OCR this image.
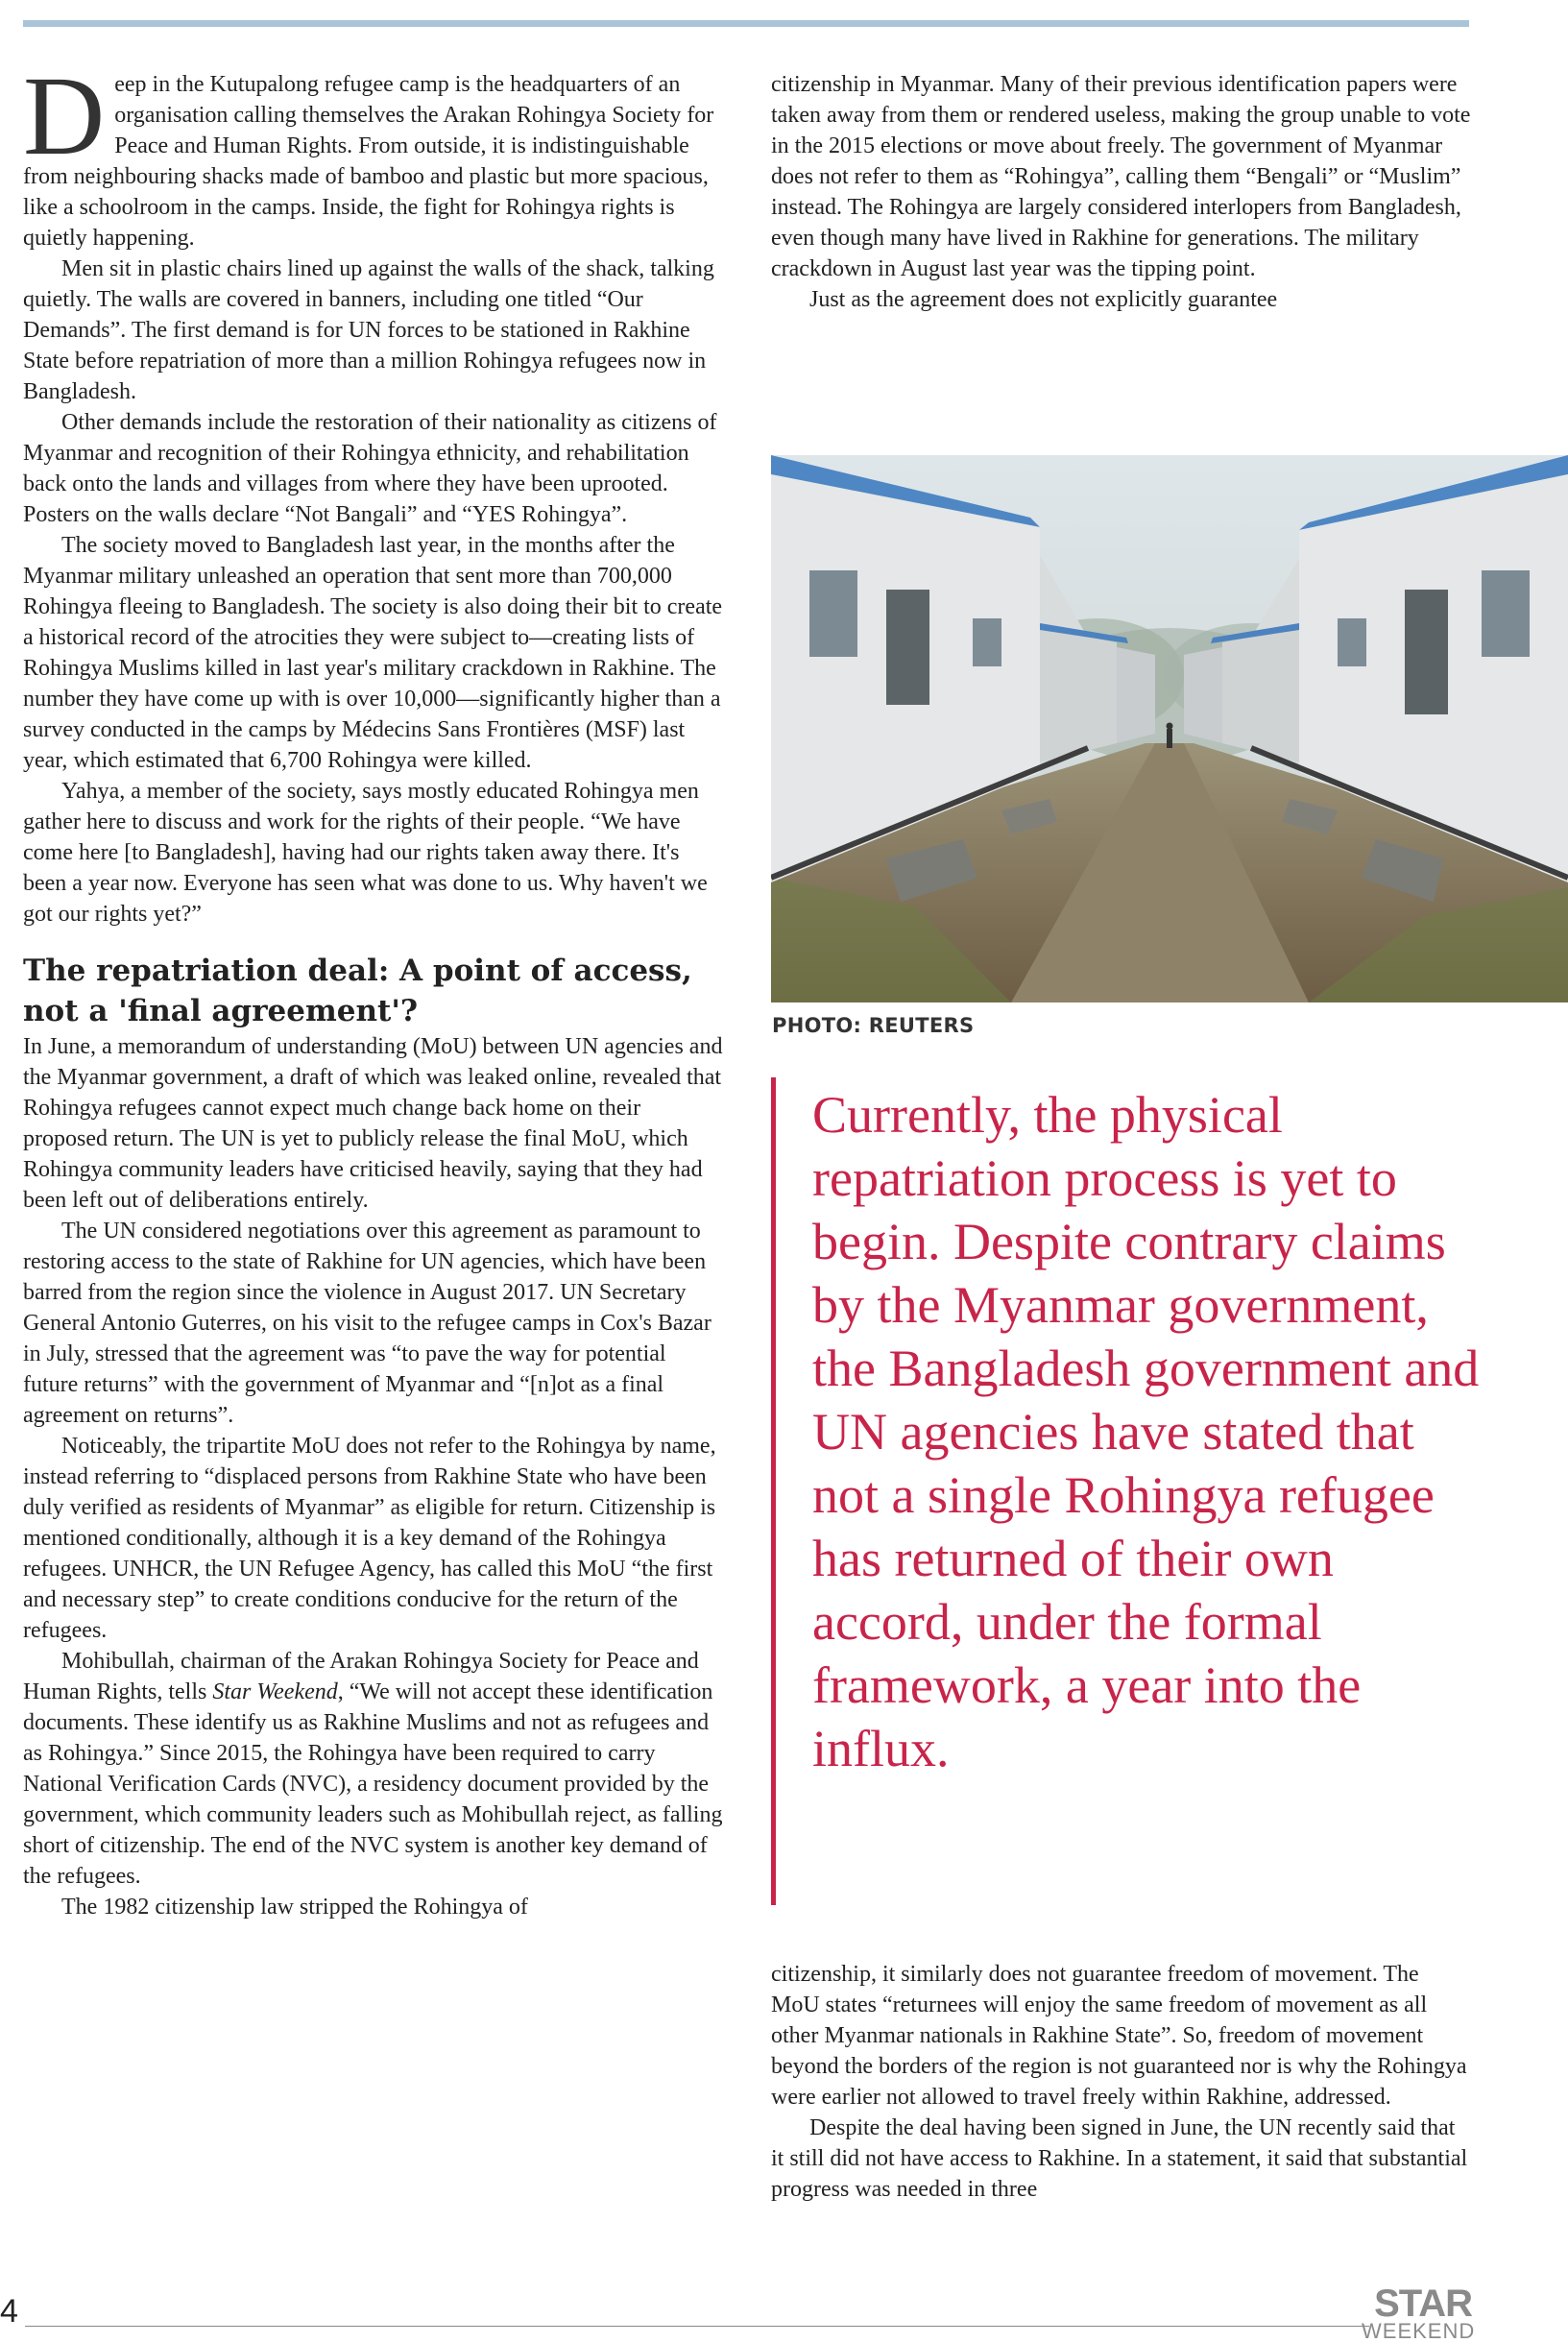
Deep in the Kutupalong refugee camp is the headquarters of an organisation calling themselves the Arakan Rohingya Society for Peace and Human Rights. From outside, it is indistinguishable from neighbouring shacks made of bamboo and plastic but more spacious, like a schoolroom in the camps. Inside, the fight for Rohingya rights is quietly happening.

Men sit in plastic chairs lined up against the walls of the shack, talking quietly. The walls are covered in banners, including one titled “Our Demands”. The first demand is for UN forces to be stationed in Rakhine State before repatriation of more than a million Rohingya refugees now in Bangladesh.

Other demands include the restoration of their nationality as citizens of Myanmar and recognition of their Rohingya ethnicity, and rehabilitation back onto the lands and villages from where they have been uprooted. Posters on the walls declare “Not Bangali” and “YES Rohingya”.

The society moved to Bangladesh last year, in the months after the Myanmar military unleashed an operation that sent more than 700,000 Rohingya fleeing to Bangladesh. The society is also doing their bit to create a historical record of the atrocities they were subject to—creating lists of Rohingya Muslims killed in last year's military crackdown in Rakhine. The number they have come up with is over 10,000—significantly higher than a survey conducted in the camps by Médecins Sans Frontières (MSF) last year, which estimated that 6,700 Rohingya were killed.

Yahya, a member of the society, says mostly educated Rohingya men gather here to discuss and work for the rights of their people. “We have come here [to Bangladesh], having had our rights taken away there. It's been a year now. Everyone has seen what was done to us. Why haven't we got our rights yet?”

The repatriation deal: A point of access, not a 'final agreement'?

In June, a memorandum of understanding (MoU) between UN agencies and the Myanmar government, a draft of which was leaked online, revealed that Rohingya refugees cannot expect much change back home on their proposed return. The UN is yet to publicly release the final MoU, which Rohingya community leaders have criticised heavily, saying that they had been left out of deliberations entirely.

The UN considered negotiations over this agreement as paramount to restoring access to the state of Rakhine for UN agencies, which have been barred from the region since the violence in August 2017. UN Secretary General Antonio Guterres, on his visit to the refugee camps in Cox's Bazar in July, stressed that the agreement was “to pave the way for potential future returns” with the government of Myanmar and “[n]ot as a final agreement on returns”.

Noticeably, the tripartite MoU does not refer to the Rohingya by name, instead referring to “displaced persons from Rakhine State who have been duly verified as residents of Myanmar” as eligible for return. Citizenship is mentioned conditionally, although it is a key demand of the Rohingya refugees. UNHCR, the UN Refugee Agency, has called this MoU “the first and necessary step” to create conditions conducive for the return of the refugees.

Mohibullah, chairman of the Arakan Rohingya Society for Peace and Human Rights, tells Star Weekend, “We will not accept these identification documents. These identify us as Rakhine Muslims and not as refugees and as Rohingya.” Since 2015, the Rohingya have been required to carry National Verification Cards (NVC), a residency document provided by the government, which community leaders such as Mohibullah reject, as falling short of citizenship. The end of the NVC system is another key demand of the refugees.

The 1982 citizenship law stripped the Rohingya of

citizenship in Myanmar. Many of their previous identification papers were taken away from them or rendered useless, making the group unable to vote in the 2015 elections or move about freely. The government of Myanmar does not refer to them as “Rohingya”, calling them “Bengali” or “Muslim” instead. The Rohingya are largely considered interlopers from Bangladesh, even though many have lived in Rakhine for generations. The military crackdown in August last year was the tipping point.

Just as the agreement does not explicitly guarantee

PHOTO: REUTERS

Currently, the physical repatriation process is yet to begin. Despite contrary claims by the Myanmar government, the Bangladesh government and UN agencies have stated that not a single Rohingya refugee has returned of their own accord, under the formal framework, a year into the influx.

citizenship, it similarly does not guarantee freedom of movement. The MoU states “returnees will enjoy the same freedom of movement as all other Myanmar nationals in Rakhine State”. So, freedom of movement beyond the borders of the region is not guaranteed nor is why the Rohingya were earlier not allowed to travel freely within Rakhine, addressed.

Despite the deal having been signed in June, the UN recently said that it still did not have access to Rakhine. In a statement, it said that substantial progress was needed in three

4	STAR
WEEKEND
